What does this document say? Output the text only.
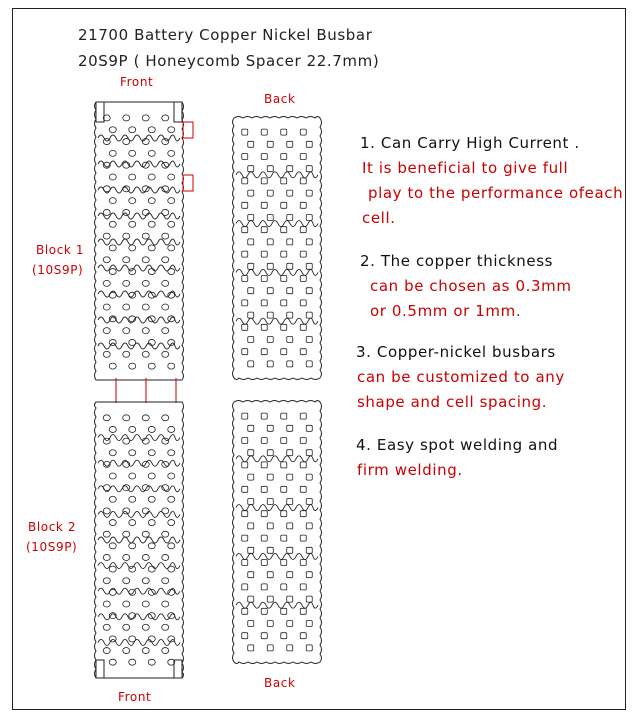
21700 Battery Copper Nickel Busbar
20S9P ( Honeycomb Spacer 22.7mm)
Front
Back
Front
Back
Block 1
(10S9P)
Block 2
(10S9P)
1. Can Carry High Current .
It is beneficial to give full
play to the performance ofeach
cell.
2. The copper thickness
can be chosen as 0.3mm
or 0.5mm or 1mm.
3. Copper-nickel busbars
can be customized to any
shape and cell spacing.
4. Easy spot welding and
firm welding.
